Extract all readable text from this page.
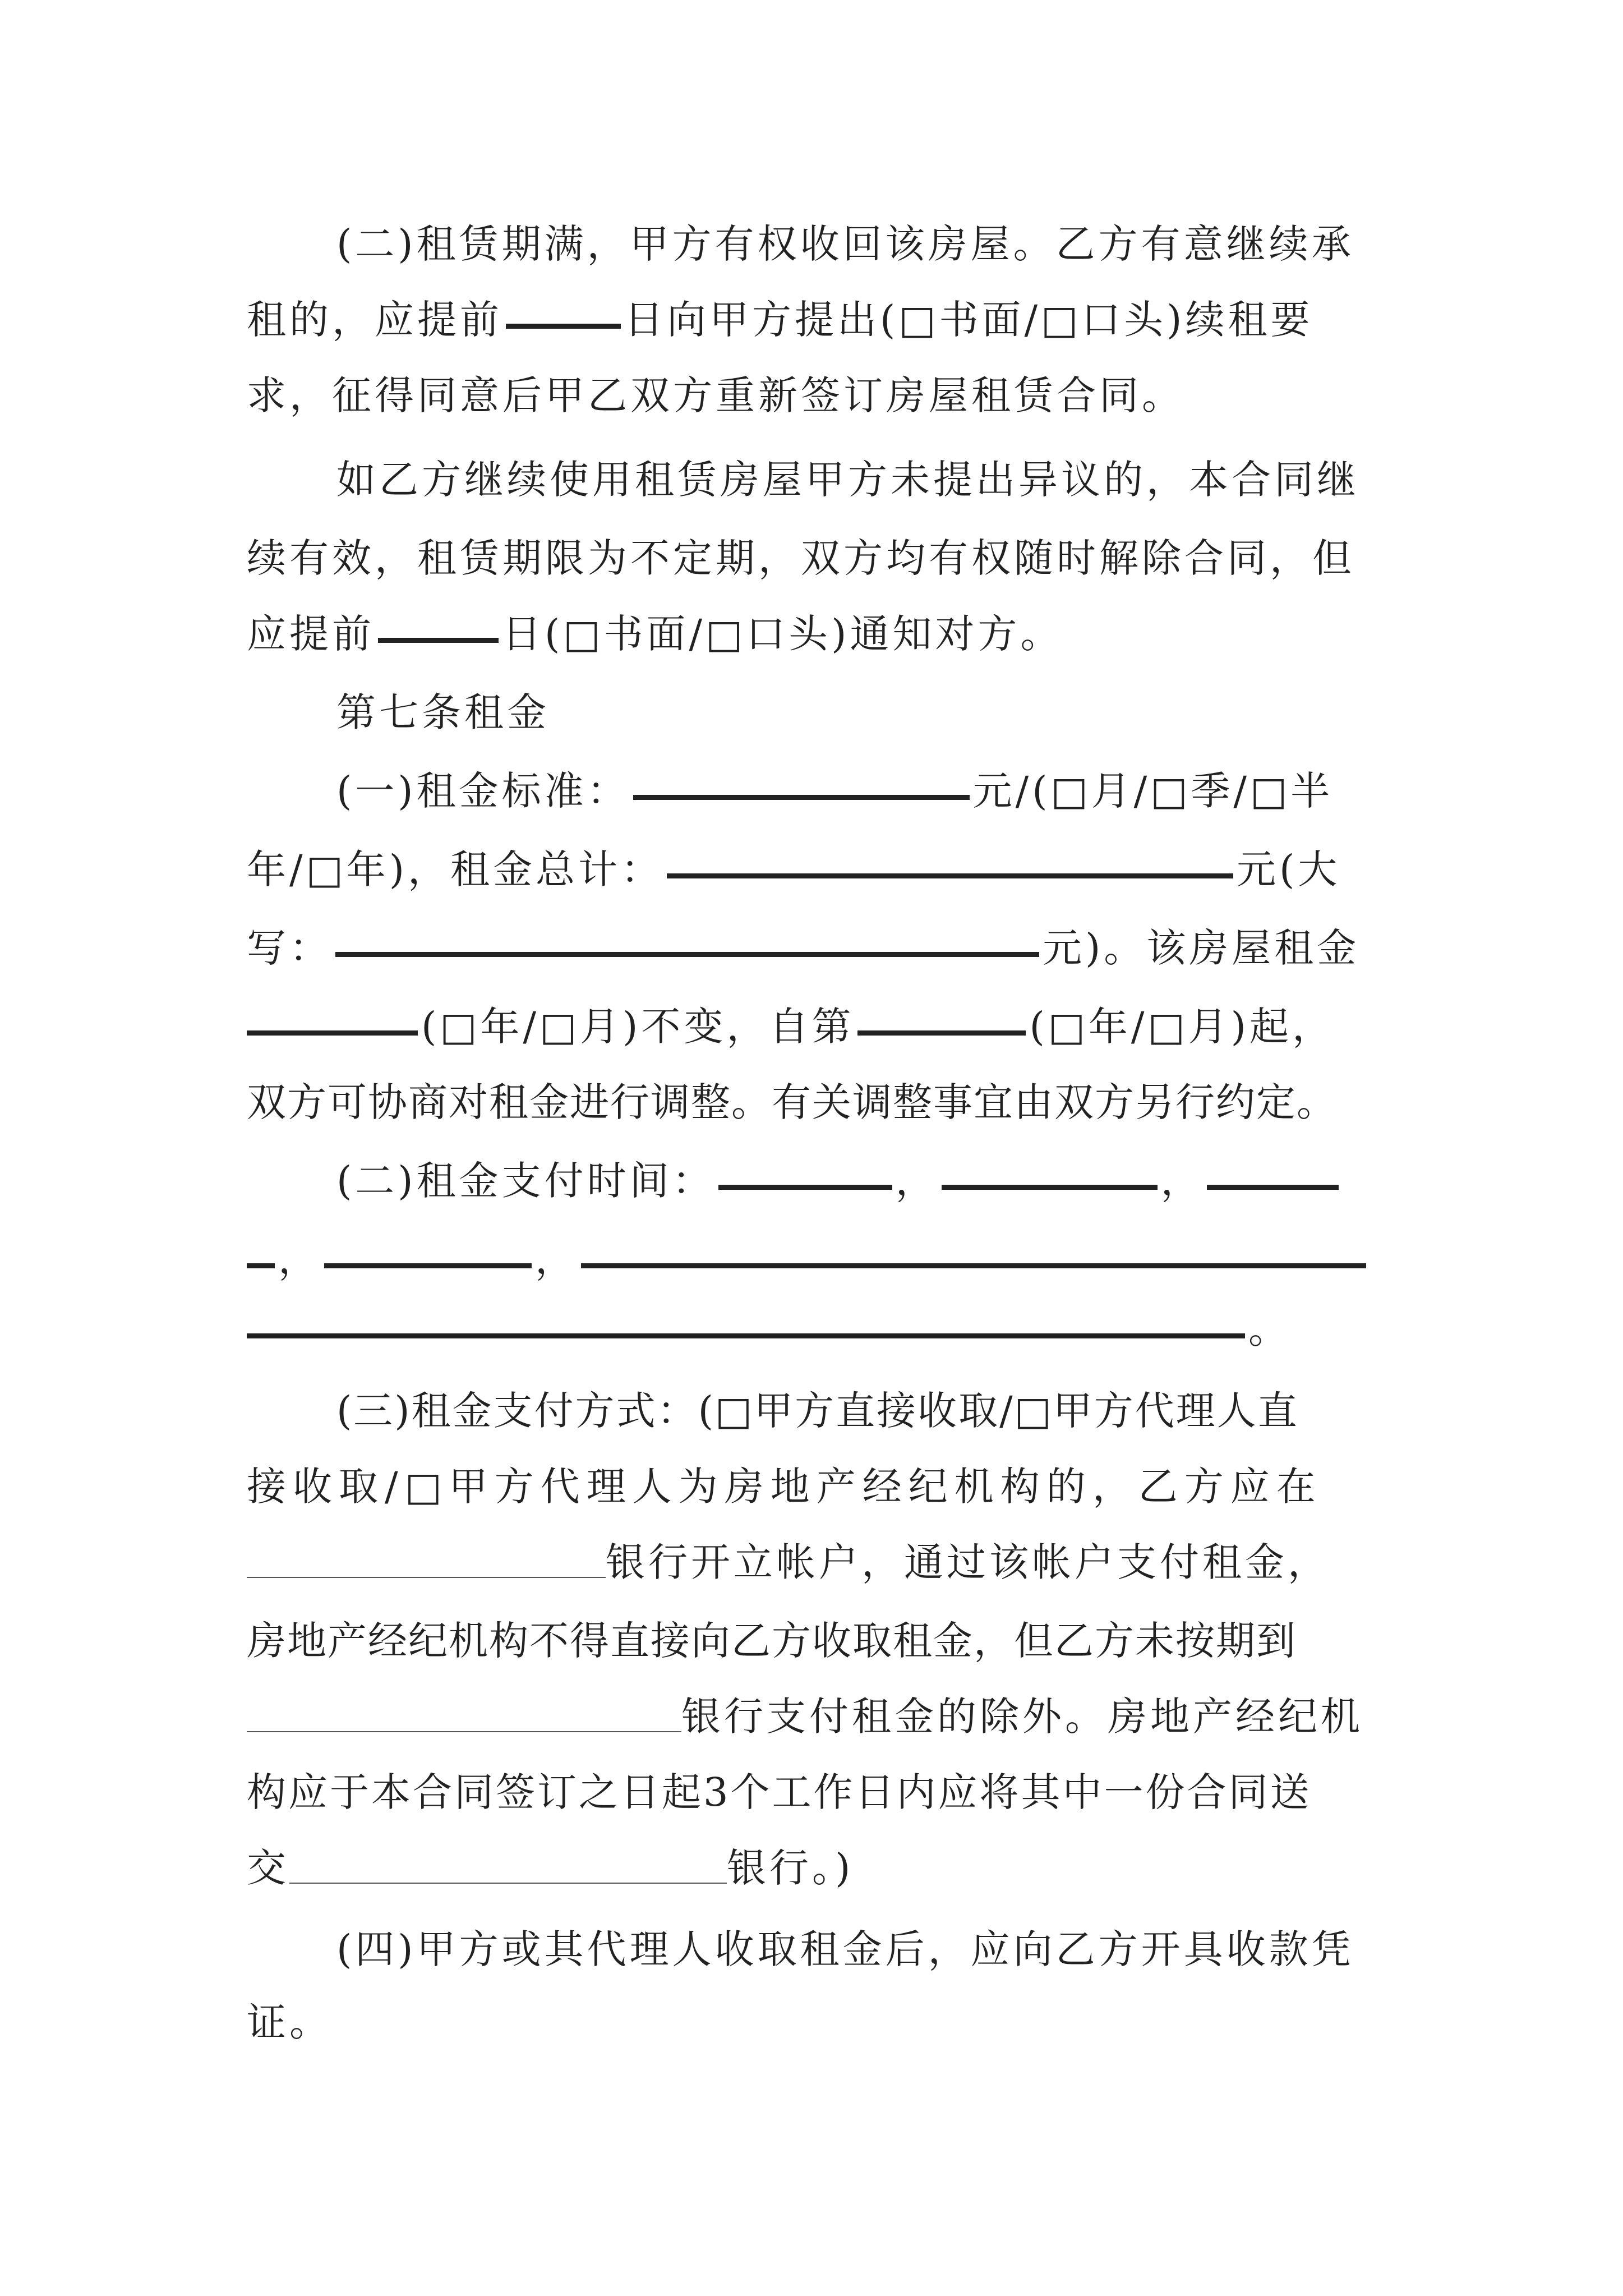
(二)租赁期满，甲方有权收回该房屋。乙方有意继续承
租的，应提前	日向甲方提出(□书面/□口头)续租要
求，征得同意后甲乙双方重新签订房屋租赁合同。
如乙方继续使用租赁房屋甲方未提出异议的，本合同继
续有效，租赁期限为不定期，双方均有权随时解除合同，但
应提前	日(□书面/□口头)通知对方。
第七条租金
(一)租金标准：	元/(□月/□季/□半
年/□年)，租金总计：	元(大
写：	元)。该房屋租金
(□年/□月)不变，自第	(□年/□月)起，
双方可协商对租金进行调整。有关调整事宜由双方另行约定。
(二)租金支付时间：	，	，
，	，
。
(三)租金支付方式：(□甲方直接收取/□甲方代理人直
接收取/□甲方代理人为房地产经纪机构的，乙方应在
银行开立帐户，通过该帐户支付租金，
房地产经纪机构不得直接向乙方收取租金，但乙方未按期到
银行支付租金的除外。房地产经纪机
构应于本合同签订之日起3个工作日内应将其中一份合同送
交	银行。)
(四)甲方或其代理人收取租金后，应向乙方开具收款凭
证。
